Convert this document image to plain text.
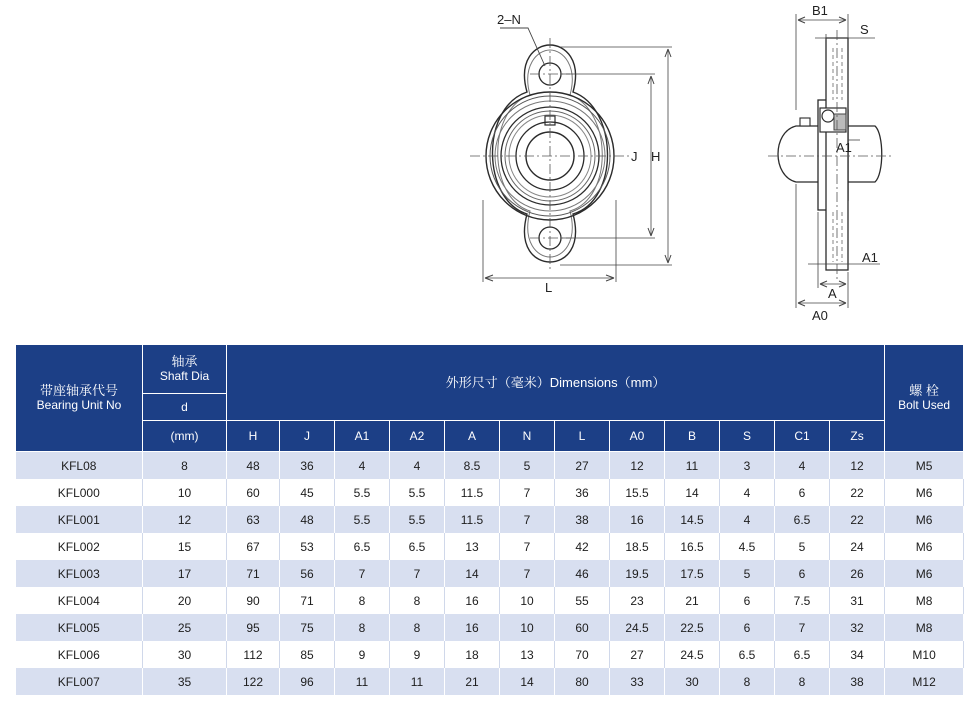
2–N
J H
L
B1
S
A1
A1
A
A0
带座轴承代号
Bearing Unit No	轴承
Shaft Dia	外形尺寸（毫米）Dimensions（mm）												螺 栓
Bolt Used

	d													
	(mm)	H	J	A1	A2	A	N	L	A0	B	S	C1	Zs	
KFL08	8	48	36	4	4	8.5	5	27	12	11	3	4	12	M5
KFL000	10	60	45	5.5	5.5	11.5	7	36	15.5	14	4	6	22	M6
KFL001	12	63	48	5.5	5.5	11.5	7	38	16	14.5	4	6.5	22	M6
KFL002	15	67	53	6.5	6.5	13	7	42	18.5	16.5	4.5	5	24	M6
KFL003	17	71	56	7	7	14	7	46	19.5	17.5	5	6	26	M6
KFL004	20	90	71	8	8	16	10	55	23	21	6	7.5	31	M8
KFL005	25	95	75	8	8	16	10	60	24.5	22.5	6	7	32	M8
KFL006	30	112	85	9	9	18	13	70	27	24.5	6.5	6.5	34	M10
KFL007	35	122	96	11	11	21	14	80	33	30	8	8	38	M12
